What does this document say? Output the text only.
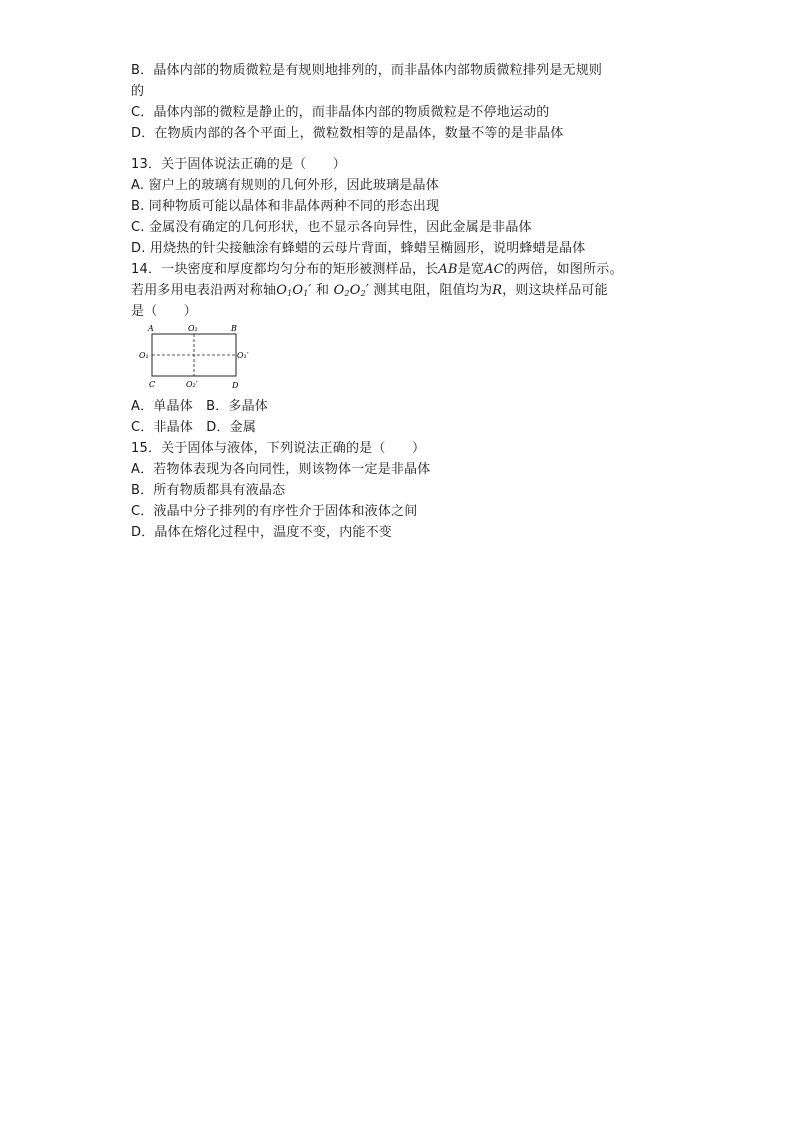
B．晶体内部的物质微粒是有规则地排列的，而非晶体内部物质微粒排列是无规则
的
C．晶体内部的微粒是静止的，而非晶体内部的物质微粒是不停地运动的
D．在物质内部的各个平面上，微粒数相等的是晶体，数量不等的是非晶体
13．关于固体说法正确的是（　　）
A. 窗户上的玻璃有规则的几何外形，因此玻璃是晶体
B. 同种物质可能以晶体和非晶体两种不同的形态出现
C. 金属没有确定的几何形状，也不显示各向异性，因此金属是非晶体
D. 用烧热的针尖接触涂有蜂蜡的云母片背面，蜂蜡呈椭圆形，说明蜂蜡是晶体
14．一块密度和厚度都均匀分布的矩形被测样品，长AB是宽AC的两倍，如图所示。
若用多用电表沿两对称轴$O_1O_1'$ 和 $O_2O_2'$ 测其电阻，阻值均为R，则这块样品可能
是（　　）
A	O₂	B
O₁	O₁′
C	O₂′	D
A．单晶体　B．多晶体
C．非晶体　D．金属
15．关于固体与液体，下列说法正确的是（　　）
A．若物体表现为各向同性，则该物体一定是非晶体
B．所有物质都具有液晶态
C．液晶中分子排列的有序性介于固体和液体之间
D．晶体在熔化过程中，温度不变，内能不变
